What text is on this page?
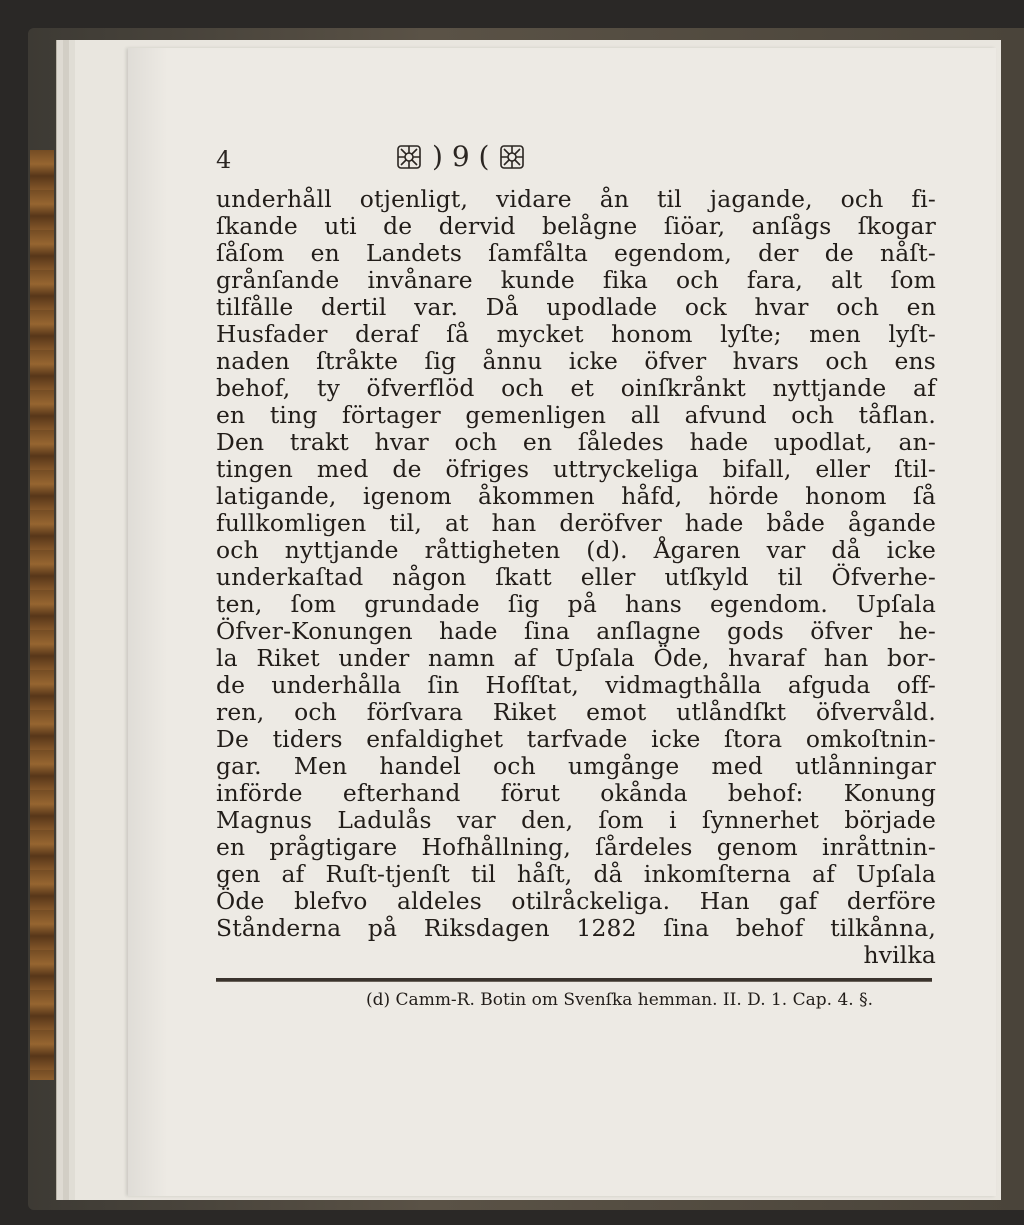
4	) 9 (
underhåll otjenligt, vidare ån til jagande, och fi-
ſkande uti de dervid belågne ſiöar, anſågs ſkogar
ſåſom en Landets ſamfålta egendom, der de nåſt-
grånſande invånare kunde fika och fara, alt ſom
tilfålle dertil var. Då upodlade ock hvar och en
Husfader deraf ſå mycket honom lyſte; men lyſt-
naden ſtråkte ſig ånnu icke öfver hvars och ens
behof, ty öfverflöd och et oinſkrånkt nyttjande af
en ting förtager gemenligen all afvund och tåflan.
Den trakt hvar och en ſåledes hade upodlat, an-
tingen med de öfriges uttryckeliga bifall, eller ſtil-
latigande, igenom åkommen håfd, hörde honom ſå
fullkomligen til, at han deröfver hade både ågande
och nyttjande råttigheten (d). Ågaren var då icke
underkaſtad någon ſkatt eller utſkyld til Öfverhe-
ten, ſom grundade ſig på hans egendom. Upſala
Öfver-Konungen hade ſina anſlagne gods öfver he-
la Riket under namn af Upſala Öde, hvaraf han bor-
de underhålla ſin Hofſtat, vidmagthålla afguda off-
ren, och förſvara Riket emot utlåndſkt öfvervåld.
De tiders enfaldighet tarfvade icke ſtora omkoſtnin-
gar. Men handel och umgånge med utlånningar
införde efterhand förut okånda behof: Konung
Magnus Ladulås var den, ſom i ſynnerhet började
en prågtigare Hofhållning, ſårdeles genom inråttnin-
gen af Ruſt-tjenſt til håſt, då inkomſterna af Upſala
Öde blefvo aldeles otilråckeliga. Han gaf derföre
Stånderna på Riksdagen 1282 ſina behof tilkånna,
hvilka
(d) Camm-R. Botin om Svenſka hemman. II. D. 1. Cap. 4. §.
